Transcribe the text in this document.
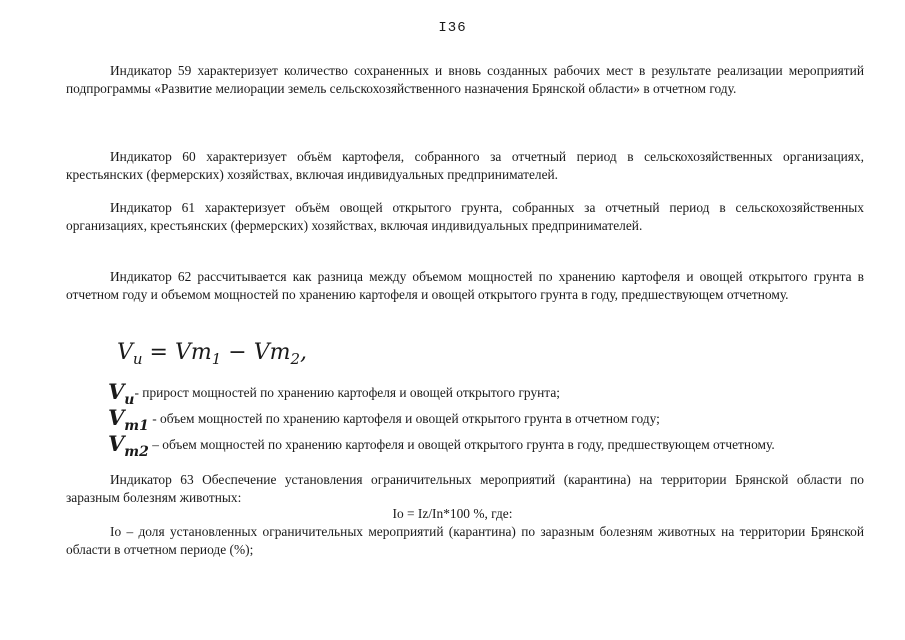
I36

Индикатор 59 характеризует количество сохраненных и вновь созданных рабочих мест в результате реализации мероприятий подпрограммы «Развитие мелиорации земель сельскохозяйственного назначения Брянской области» в отчетном году.

Индикатор 60 характеризует объём картофеля, собранного за отчетный период в сельскохозяйственных организациях, крестьянских (фермерских) хозяйствах, включая индивидуальных предпринимателей.

Индикатор 61 характеризует объём овощей открытого грунта, собранных за отчетный период в сельскохозяйственных организациях, крестьянских (фермерских) хозяйствах, включая индивидуальных предпринимателей.

Индикатор 62 рассчитывается как разница между объемом мощностей по хранению картофеля и овощей открытого грунта в отчетном году и объемом мощностей по хранению картофеля и овощей открытого грунта в году, предшествующем отчетному.

$V_u = Vm_1 - Vm_2$,
$V_u-$ прирост мощностей по хранению картофеля и овощей открытого грунта;
$V_{m1}$ - объем мощностей по хранению картофеля и овощей открытого грунта в отчетном году;
$V_{m2}$ – объем мощностей по хранению картофеля и овощей открытого грунта в году, предшествующем отчетному.

Индикатор 63 Обеспечение установления ограничительных мероприятий (карантина) на территории Брянской области по заразным болезням животных:

Io = Iz/In*100 %, где:

Io – доля установленных ограничительных мероприятий (карантина) по заразным болезням животных на территории Брянской области в отчетном периоде (%);
